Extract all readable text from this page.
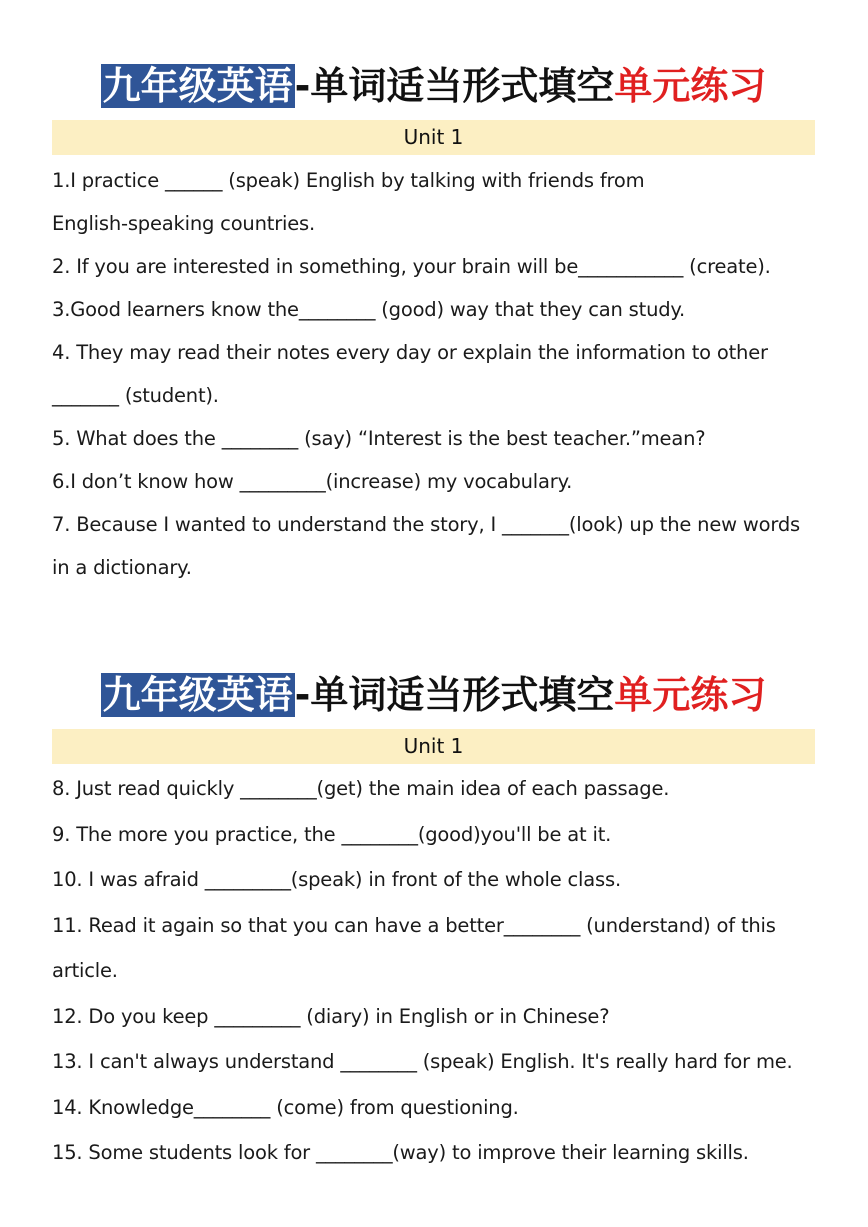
九年级英语-单词适当形式填空单元练习
Unit 1

1.I practice ______ (speak) English by talking with friends from

English-speaking countries.

2. If you are interested in something, your brain will be___________ (create).

3.Good learners know the________ (good) way that they can study.

4. They may read their notes every day or explain the information to other

_______ (student).

5. What does the ________ (say) “Interest is the best teacher.”mean?

6.I don’t know how _________(increase) my vocabulary.

7. Because I wanted to understand the story, I _______(look) up the new words

in a dictionary.

九年级英语-单词适当形式填空单元练习
Unit 1

8. Just read quickly ________(get) the main idea of each passage.

9. The more you practice, the ________(good)you'll be at it.

10. I was afraid _________(speak) in front of the whole class.

11. Read it again so that you can have a better________ (understand) of this

article.

12. Do you keep _________ (diary) in English or in Chinese?

13. I can't always understand ________ (speak) English. It's really hard for me.

14. Knowledge________ (come) from questioning.

15. Some students look for ________(way) to improve their learning skills.
